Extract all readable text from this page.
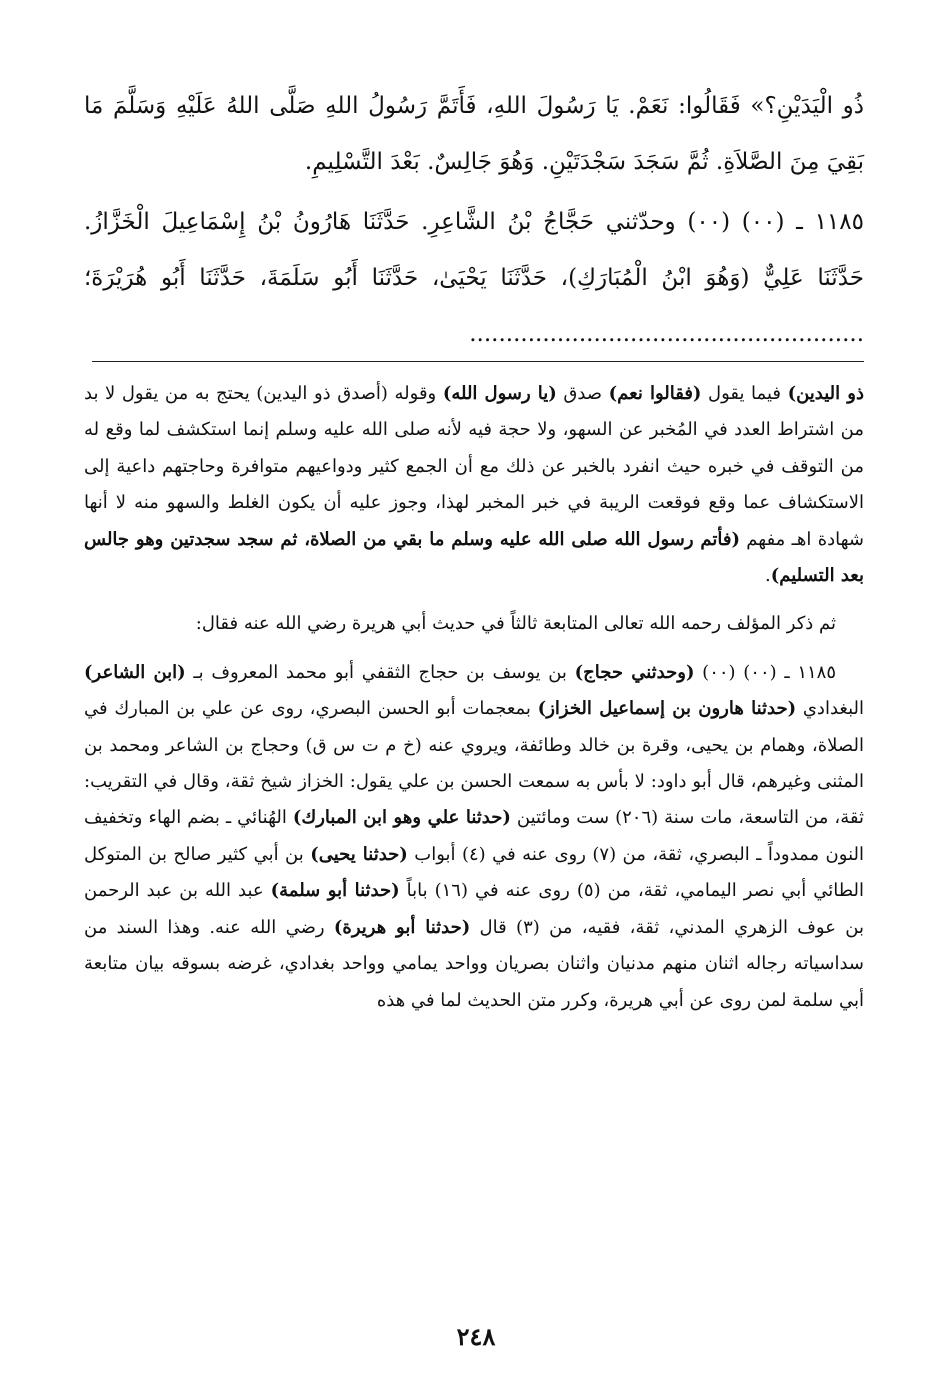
ذُو الْيَدَيْنِ؟» فَقَالُوا: نَعَمْ. يَا رَسُولَ اللهِ، فَأَتَمَّ رَسُولُ اللهِ صَلَّى اللهُ عَلَيْهِ وَسَلَّمَ مَا بَقِيَ مِنَ الصَّلاَةِ. ثُمَّ سَجَدَ سَجْدَتَيْنِ. وَهُوَ جَالِسٌ. بَعْدَ التَّسْلِيمِ.

١١٨٥ ـ (٠٠) (٠٠) وحدّثني حَجَّاجُ بْنُ الشَّاعِرِ. حَدَّثَنَا هَارُونُ بْنُ إِسْمَاعِيلَ الْخَزَّازُ. حَدَّثَنَا عَلِيٌّ (وَهُوَ ابْنُ الْمُبَارَكِ)، حَدَّثَنَا يَحْيَىٰ، حَدَّثَنَا أَبُو سَلَمَةَ، حَدَّثَنَا أَبُو هُرَيْرَةَ؛ ......................................................

ذو اليدين) فيما يقول (فقالوا نعم) صدق (يا رسول الله) وقوله (أصدق ذو اليدين) يحتج به من يقول لا بد من اشتراط العدد في المُخبر عن السهو، ولا حجة فيه لأنه صلى الله عليه وسلم إنما استكشف لما وقع له من التوقف في خبره حيث انفرد بالخبر عن ذلك مع أن الجمع كثير ودواعيهم متوافرة وحاجتهم داعية إلى الاستكشاف عما وقع فوقعت الريبة في خبر المخبر لهذا، وجوز عليه أن يكون الغلط والسهو منه لا أنها شهادة اهـ مفهم (فأتم رسول الله صلى الله عليه وسلم ما بقي من الصلاة، ثم سجد سجدتين وهو جالس بعد التسليم).

ثم ذكر المؤلف رحمه الله تعالى المتابعة ثالثاً في حديث أبي هريرة رضي الله عنه فقال:

١١٨٥ ـ (٠٠) (٠٠) (وحدثني حجاج) بن يوسف بن حجاج الثقفي أبو محمد المعروف بـ (ابن الشاعر) البغدادي (حدثنا هارون بن إسماعيل الخزاز) بمعجمات أبو الحسن البصري، روى عن علي بن المبارك في الصلاة، وهمام بن يحيى، وقرة بن خالد وطائفة، ويروي عنه (خ م ت س ق) وحجاج بن الشاعر ومحمد بن المثنى وغيرهم، قال أبو داود: لا بأس به سمعت الحسن بن علي يقول: الخزاز شيخ ثقة، وقال في التقريب: ثقة، من التاسعة، مات سنة (٢٠٦) ست ومائتين (حدثنا علي وهو ابن المبارك) الهُنائي ـ بضم الهاء وتخفيف النون ممدوداً ـ البصري، ثقة، من (٧) روى عنه في (٤) أبواب (حدثنا يحيى) بن أبي كثير صالح بن المتوكل الطائي أبي نصر اليمامي، ثقة، من (٥) روى عنه في (١٦) باباً (حدثنا أبو سلمة) عبد الله بن عبد الرحمن بن عوف الزهري المدني، ثقة، فقيه، من (٣) قال (حدثنا أبو هريرة) رضي الله عنه. وهذا السند من سداسياته رجاله اثنان منهم مدنيان واثنان بصريان وواحد يمامي وواحد بغدادي، غرضه بسوقه بيان متابعة أبي سلمة لمن روى عن أبي هريرة، وكرر متن الحديث لما في هذه

٢٤٨
